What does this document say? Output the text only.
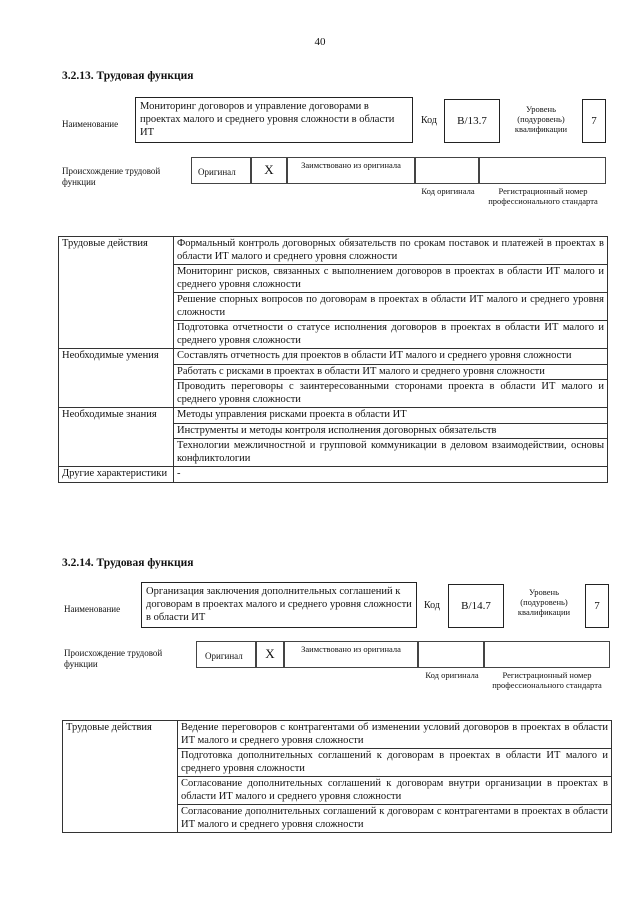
40
3.2.13. Трудовая функция
Наименование
Мониторинг договоров и управление договорами в проектах малого и среднего уровня сложности в области ИТ
Код	B/13.7
Уровень (подуровень) квалификации
7
Происхождение трудовой функции
Оригинал	X	Заимствовано из оригинала
Код оригинала	Регистрационный номер профессионального стандарта
Трудовые действия	Формальный контроль договорных обязательств по срокам поставок и платежей в проектах в области ИТ малого и среднего уровня сложности
	Мониторинг рисков, связанных с выполнением договоров в проектах в области ИТ малого и среднего уровня сложности
	Решение спорных вопросов по договорам в проектах в области ИТ малого и среднего уровня сложности
	Подготовка отчетности о статусе исполнения договоров в проектах в области ИТ малого и среднего уровня сложности
Необходимые умения	Составлять отчетность для проектов в области ИТ малого и среднего уровня сложности
	Работать с рисками в проектах в области ИТ малого и среднего уровня сложности
	Проводить переговоры с заинтересованными сторонами проекта в области ИТ малого и среднего уровня сложности
Необходимые знания	Методы управления рисками проекта в области ИТ
	Инструменты и методы контроля исполнения договорных обязательств
	Технологии межличностной и групповой коммуникации в деловом взаимодействии, основы конфликтологии
Другие характеристики	-
3.2.14. Трудовая функция
Наименование
Организация заключения дополнительных соглашений к договорам в проектах малого и среднего уровня сложности в области ИТ
Код	B/14.7
Уровень (подуровень) квалификации	7
Происхождение трудовой функции
Оригинал	X	Заимствовано из оригинала
Код оригинала	Регистрационный номер профессионального стандарта
Трудовые действия	Ведение переговоров с контрагентами об изменении условий договоров в проектах в области ИТ малого и среднего уровня сложности
Подготовка дополнительных соглашений к договорам в проектах в области ИТ малого и среднего уровня сложности
Согласование дополнительных соглашений к договорам внутри организации в проектах в области ИТ малого и среднего уровня сложности
Согласование дополнительных соглашений к договорам с контрагентами в проектах в области ИТ малого и среднего уровня сложности
